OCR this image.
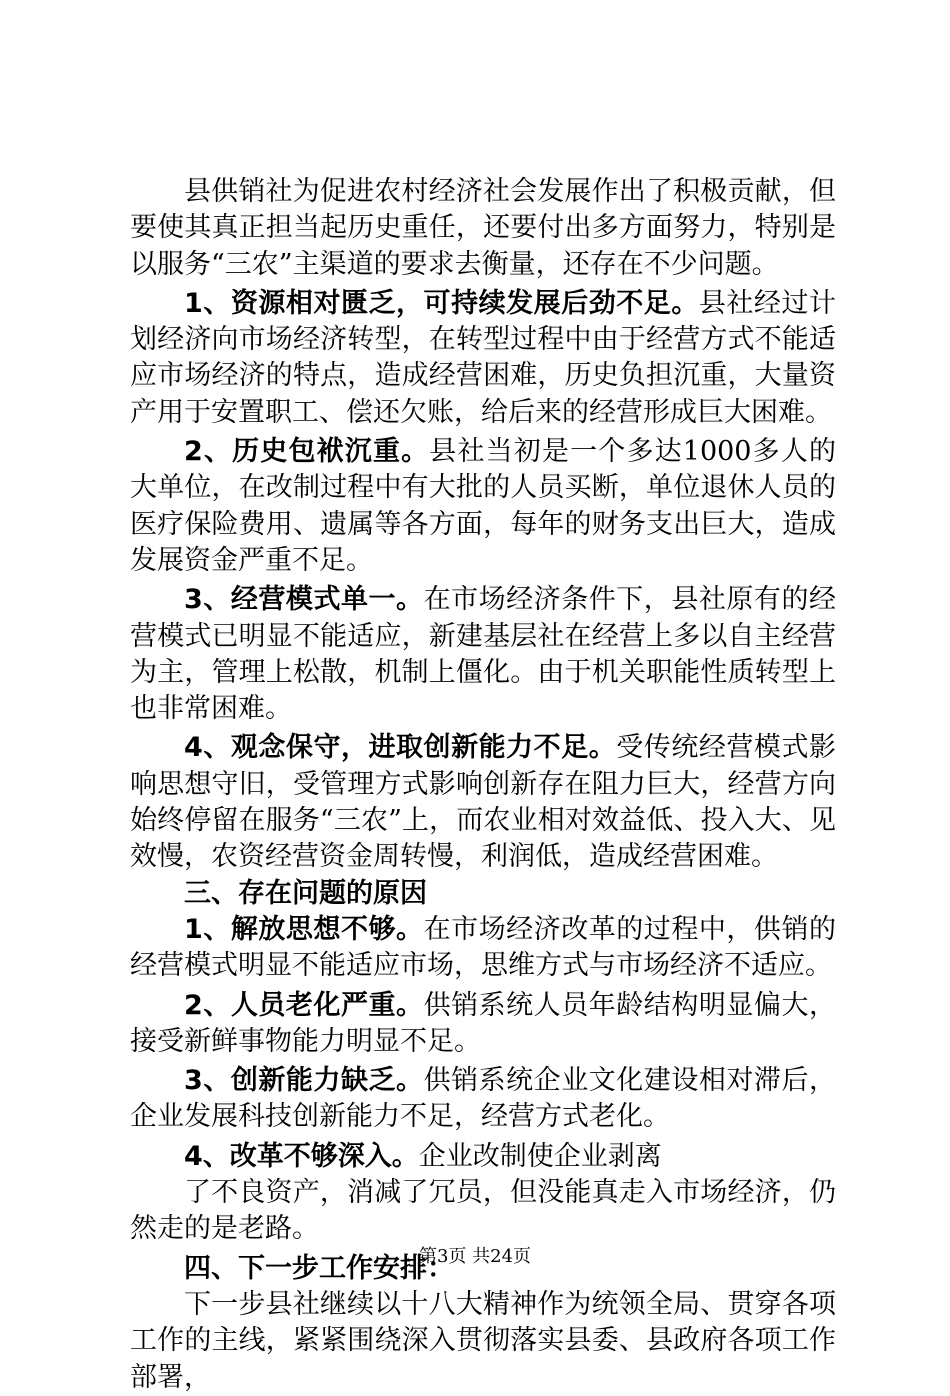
县供销社为促进农村经济社会发展作出了积极贡献，但要使其真正担当起历史重任，还要付出多方面努力，特别是以服务“三农”主渠道的要求去衡量，还存在不少问题。

1、资源相对匮乏，可持续发展后劲不足。县社经过计划经济向市场经济转型，在转型过程中由于经营方式不能适应市场经济的特点，造成经营困难，历史负担沉重，大量资产用于安置职工、偿还欠账，给后来的经营形成巨大困难。

2、历史包袱沉重。县社当初是一个多达1000多人的大单位，在改制过程中有大批的人员买断，单位退休人员的医疗保险费用、遗属等各方面，每年的财务支出巨大，造成发展资金严重不足。

3、经营模式单一。在市场经济条件下，县社原有的经营模式已明显不能适应，新建基层社在经营上多以自主经营为主，管理上松散，机制上僵化。由于机关职能性质转型上也非常困难。

4、观念保守，进取创新能力不足。受传统经营模式影响思想守旧，受管理方式影响创新存在阻力巨大，经营方向始终停留在服务“三农”上，而农业相对效益低、投入大、见效慢，农资经营资金周转慢，利润低，造成经营困难。

三、存在问题的原因

1、解放思想不够。在市场经济改革的过程中，供销的经营模式明显不能适应市场，思维方式与市场经济不适应。

2、人员老化严重。供销系统人员年龄结构明显偏大，接受新鲜事物能力明显不足。

3、创新能力缺乏。供销系统企业文化建设相对滞后，企业发展科技创新能力不足，经营方式老化。

4、改革不够深入。企业改制使企业剥离

了不良资产，消减了冗员，但没能真走入市场经济，仍然走的是老路。

四、下一步工作安排：

下一步县社继续以十八大精神作为统领全局、贯穿各项工作的主线，紧紧围绕深入贯彻落实县委、县政府各项工作部署，

第3页 共24页
